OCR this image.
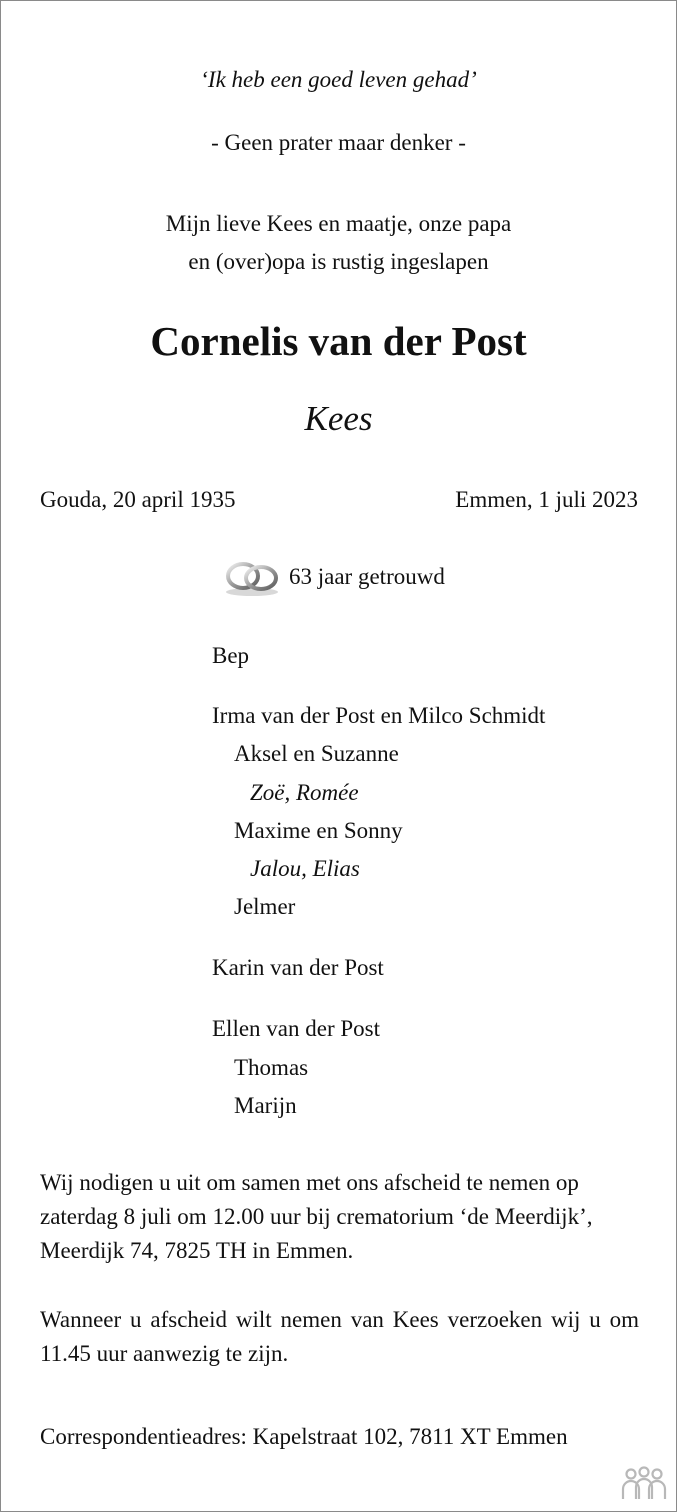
‘Ik heb een goed leven gehad’

- Geen prater maar denker -

Mijn lieve Kees en maatje, onze papa
en (over)opa is rustig ingeslapen

Cornelis van der Post

Kees

Gouda, 20 april 1935	Emmen, 1 juli 2023

63 jaar getrouwd

Bep

Irma van der Post en Milco Schmidt

Aksel en Suzanne

Zoë, Romée

Maxime en Sonny

Jalou, Elias

Jelmer

Karin van der Post

Ellen van der Post

Thomas

Marijn

Wij nodigen u uit om samen met ons afscheid te nemen op zaterdag 8 juli om 12.00 uur bij crematorium ‘de Meerdijk’, Meerdijk 74, 7825 TH in Emmen.

Wanneer u afscheid wilt nemen van Kees verzoeken wij u om 11.45 uur aanwezig te zijn.

Correspondentieadres: Kapelstraat 102, 7811 XT Emmen
